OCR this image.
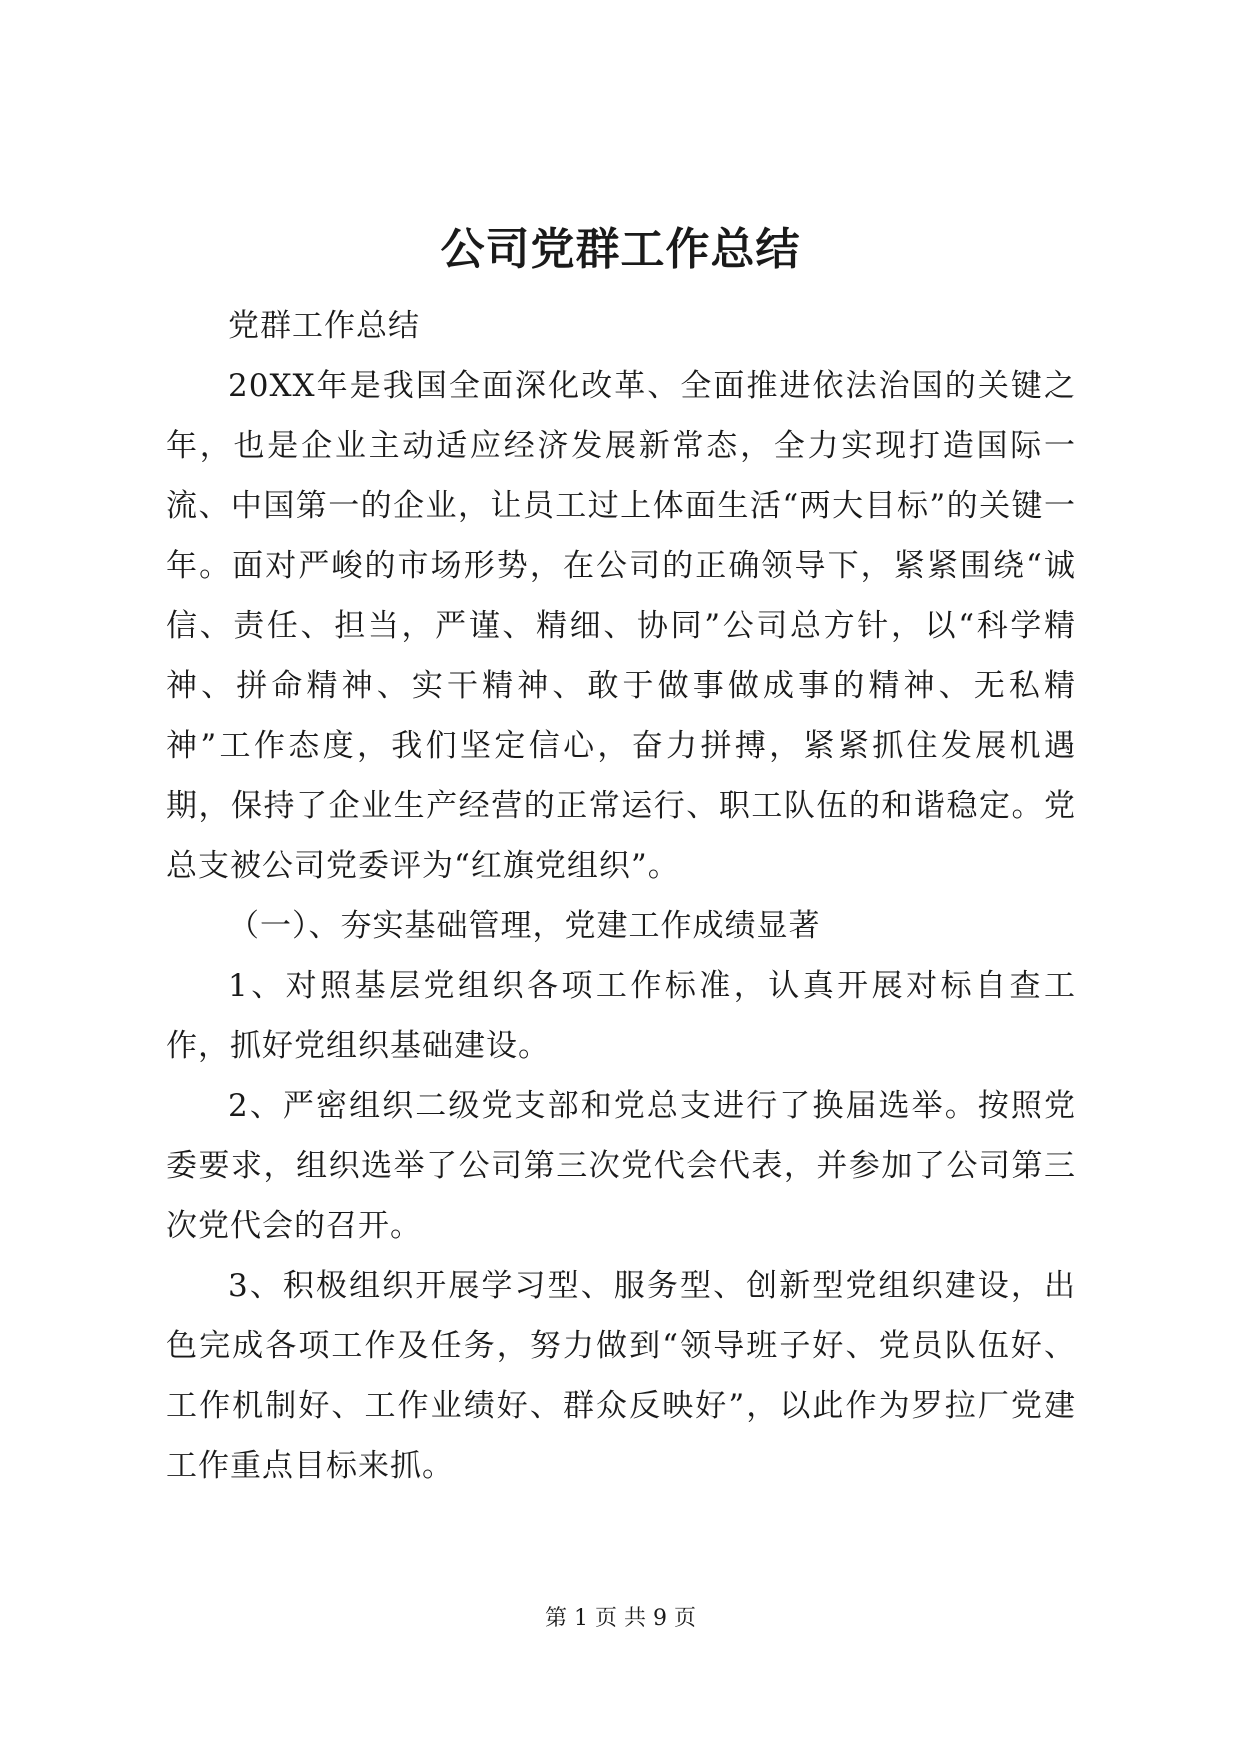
公司党群工作总结

党群工作总结

20XX年是我国全面深化改革、全面推进依法治国的关键之年，也是企业主动适应经济发展新常态，全力实现打造国际一流、中国第一的企业，让员工过上体面生活“两大目标”的关键一年。面对严峻的市场形势，在公司的正确领导下，紧紧围绕“诚信、责任、担当，严谨、精细、协同”公司总方针，以“科学精神、拼命精神、实干精神、敢于做事做成事的精神、无私精神”工作态度，我们坚定信心，奋力拼搏，紧紧抓住发展机遇期，保持了企业生产经营的正常运行、职工队伍的和谐稳定。党总支被公司党委评为“红旗党组织”。

（一）、夯实基础管理，党建工作成绩显著

1、对照基层党组织各项工作标准，认真开展对标自查工作，抓好党组织基础建设。

2、严密组织二级党支部和党总支进行了换届选举。按照党委要求，组织选举了公司第三次党代会代表，并参加了公司第三次党代会的召开。

3、积极组织开展学习型、服务型、创新型党组织建设，出色完成各项工作及任务，努力做到“领导班子好、党员队伍好、工作机制好、工作业绩好、群众反映好”，以此作为罗拉厂党建工作重点目标来抓。

第 1 页 共 9 页
